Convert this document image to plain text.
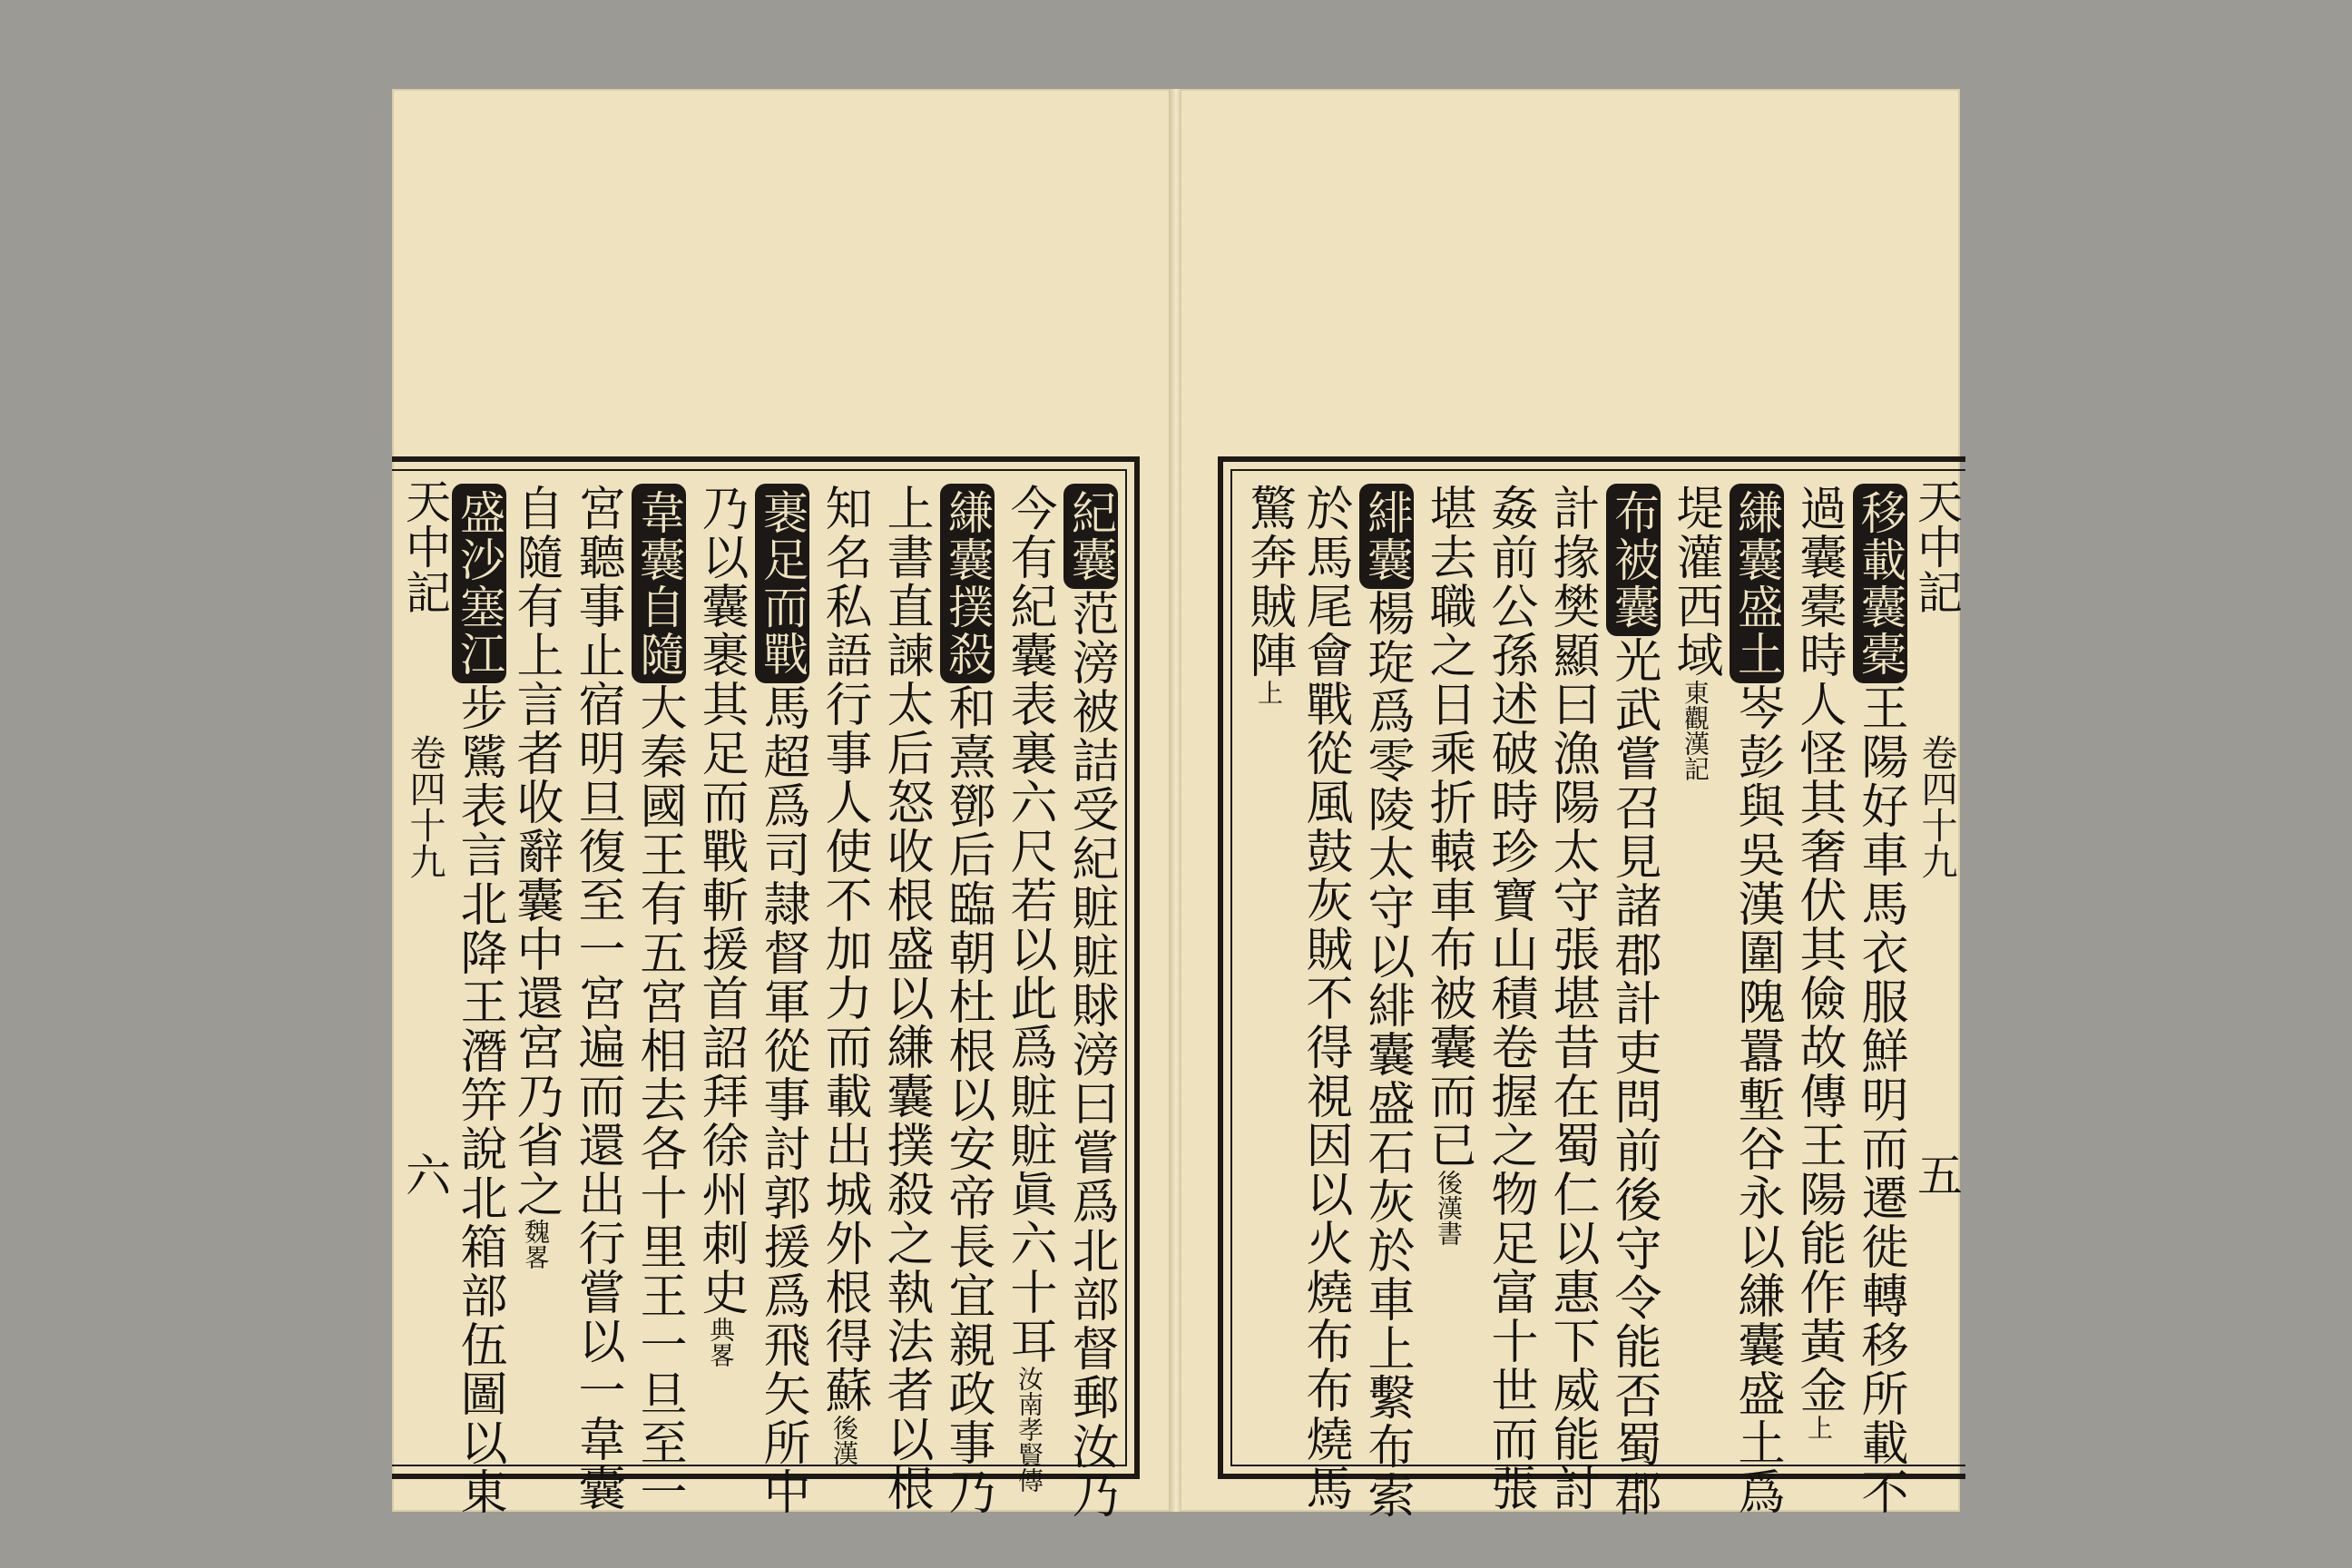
天中記
卷四十九
六
紀囊
范滂被詰受紀賍賍賕滂曰嘗爲北部督郵汝乃
今有紀囊表裏六尺若以此爲賍賍眞六十耳
汝南孝賢傳
縑囊撲殺
和熹鄧后臨朝杜根以安帝長宜親政事乃
上書直諫太后怒收根盛以縑囊撲殺之執法者以根
知名私語行事人使不加力而載出城外根得蘇
後漢
裹足而戰
馬超爲司隷督軍從事討郭援爲飛矢所中
乃以囊裹其足而戰斬援首詔拜徐州刺史
典畧
韋囊自隨
大秦國王有五宮相去各十里王一旦至一
宮聽事止宿明旦復至一宮遍而還出行嘗以一韋囊
自隨有上言者收辭囊中還宮乃省之
魏畧
盛沙塞江
步騭表言北降王潛笄說北箱部伍圖以東
移載囊橐
王陽好車馬衣服鮮明而遷徙轉移所載不
過囊橐時人怪其奢伏其儉故傳王陽能作黃金
上
縑囊盛土
岑彭與吳漢圍隗囂塹谷永以縑囊盛土爲
堤灌西域
東觀漢記
布被囊
光武嘗召見諸郡計吏問前後守令能否蜀郡
計掾樊顯曰漁陽太守張堪昔在蜀仁以惠下威能討
姦前公孫述破時珍寶山積卷握之物足富十世而張
堪去職之日乘折轅車布被囊而已
後漢書
緋囊
楊琁爲零陵太守以緋囊盛石灰於車上繫布索
於馬尾會戰從風鼓灰賊不得視因以火燒布布燒馬
驚奔賊陣
上
天中記
卷四十九
五
